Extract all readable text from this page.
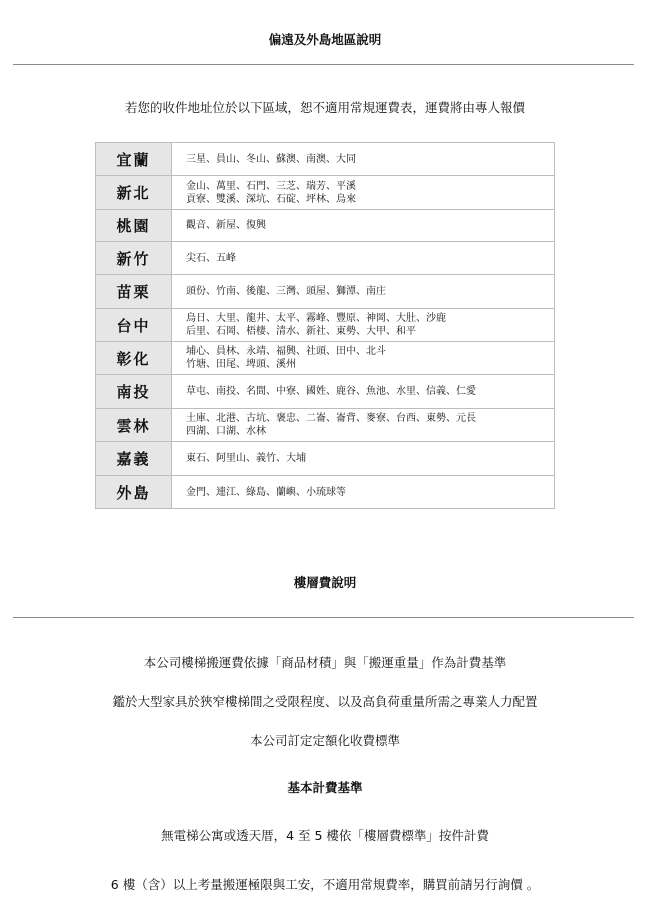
偏遠及外島地區說明
若您的收件地址位於以下區域，恕不適用常規運費表，運費將由專人報價
宜蘭	三星、員山、冬山、蘇澳、南澳、大同

新北	金山、萬里、石門、三芝、瑞芳、平溪
貢寮、雙溪、深坑、石碇、坪林、烏來

桃園	觀音、新屋、復興

新竹	尖石、五峰

苗栗	頭份、竹南、後龍、三灣、頭屋、獅潭、南庄

台中	烏日、大里、龍井、太平、霧峰、豐原、神岡、大肚、沙鹿
后里、石岡、梧棲、清水、新社、東勢、大甲、和平

彰化	埔心、員林、永靖、福興、社頭、田中、北斗
竹塘、田尾、埤頭、溪州

南投	草屯、南投、名間、中寮、國姓、鹿谷、魚池、水里、信義、仁愛

雲林	土庫、北港、古坑、褒忠、二崙、崙背、麥寮、台西、東勢、元長
四湖、口湖、水林

嘉義	東石、阿里山、義竹、大埔

外島	金門、連江、綠島、蘭嶼、小琉球等
樓層費說明
本公司樓梯搬運費依據「商品材積」與「搬運重量」作為計費基準
鑑於大型家具於狹窄樓梯間之受限程度、以及高負荷重量所需之專業人力配置
本公司訂定定額化收費標準
基本計費基準
無電梯公寓或透天厝，4 至 5 樓依「樓層費標準」按件計費
6 樓（含）以上考量搬運極限與工安，不適用常規費率，購買前請另行詢價 。
